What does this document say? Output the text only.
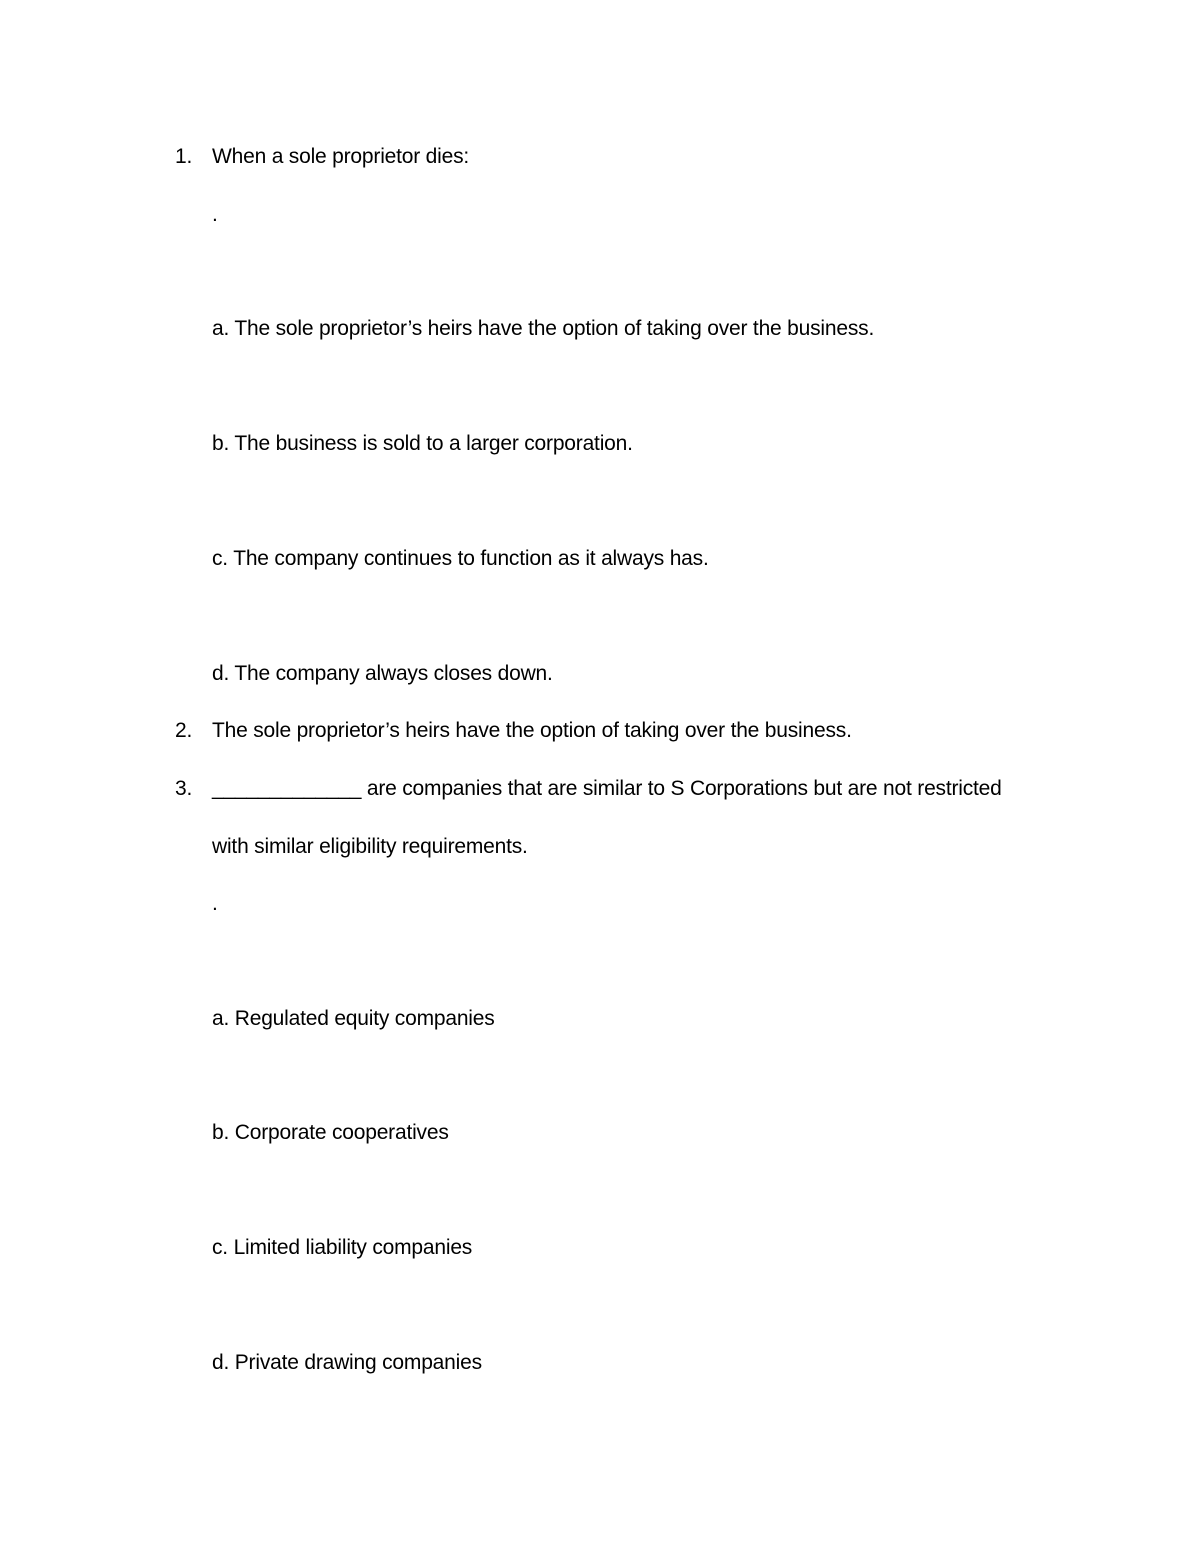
1. When a sole proprietor dies:
.
a. The sole proprietor’s heirs have the option of taking over the business.
b. The business is sold to a larger corporation.
c. The company continues to function as it always has.
d. The company always closes down.
2. The sole proprietor’s heirs have the option of taking over the business.
3. _____________ are companies that are similar to S Corporations but are not restricted
with similar eligibility requirements.
.
a. Regulated equity companies
b. Corporate cooperatives
c. Limited liability companies
d. Private drawing companies
